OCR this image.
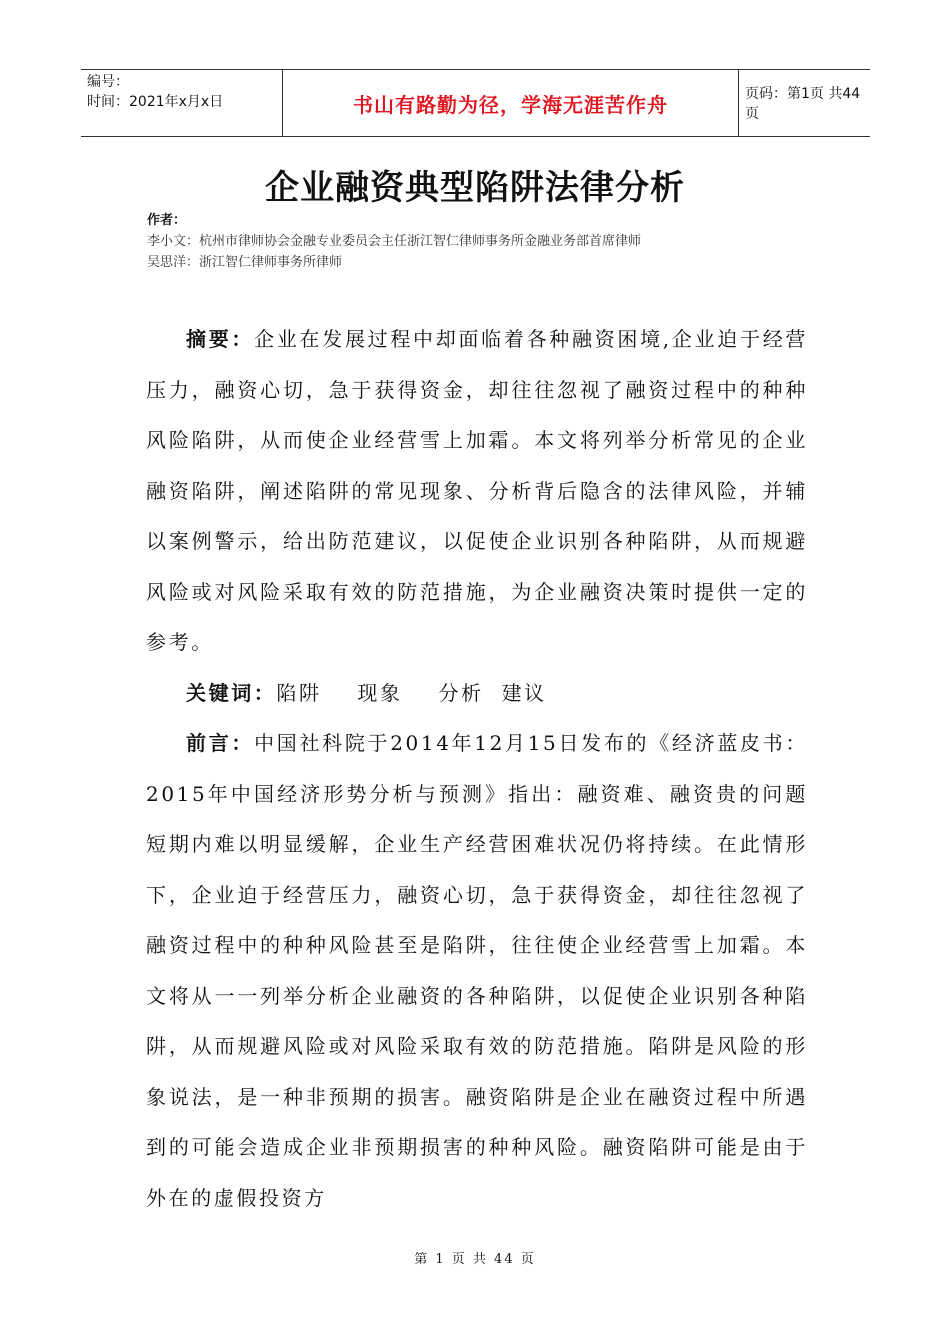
编号：
时间：2021年x月x日	书山有路勤为径，学海无涯苦作舟	页码：第1页 共44页
企业融资典型陷阱法律分析
作者：
李小文：杭州市律师协会金融专业委员会主任浙江智仁律师事务所金融业务部首席律师
吴思洋：浙江智仁律师事务所律师

摘要：企业在发展过程中却面临着各种融资困境,企业迫于经营压力，融资心切，急于获得资金，却往往忽视了融资过程中的种种风险陷阱，从而使企业经营雪上加霜。本文将列举分析常见的企业融资陷阱，阐述陷阱的常见现象、分析背后隐含的法律风险，并辅以案例警示，给出防范建议，以促使企业识别各种陷阱，从而规避风险或对风险采取有效的防范措施，为企业融资决策时提供一定的参考。

关键词：陷阱    现象    分析  建议

前言：中国社科院于2014年12月15日发布的《经济蓝皮书：2015年中国经济形势分析与预测》指出：融资难、融资贵的问题短期内难以明显缓解，企业生产经营困难状况仍将持续。在此情形下，企业迫于经营压力，融资心切，急于获得资金，却往往忽视了融资过程中的种种风险甚至是陷阱，往往使企业经营雪上加霜。本文将从一一列举分析企业融资的各种陷阱，以促使企业识别各种陷阱，从而规避风险或对风险采取有效的防范措施。陷阱是风险的形象说法，是一种非预期的损害。融资陷阱是企业在融资过程中所遇到的可能会造成企业非预期损害的种种风险。融资陷阱可能是由于外在的虚假投资方

第 1 页 共 44 页
